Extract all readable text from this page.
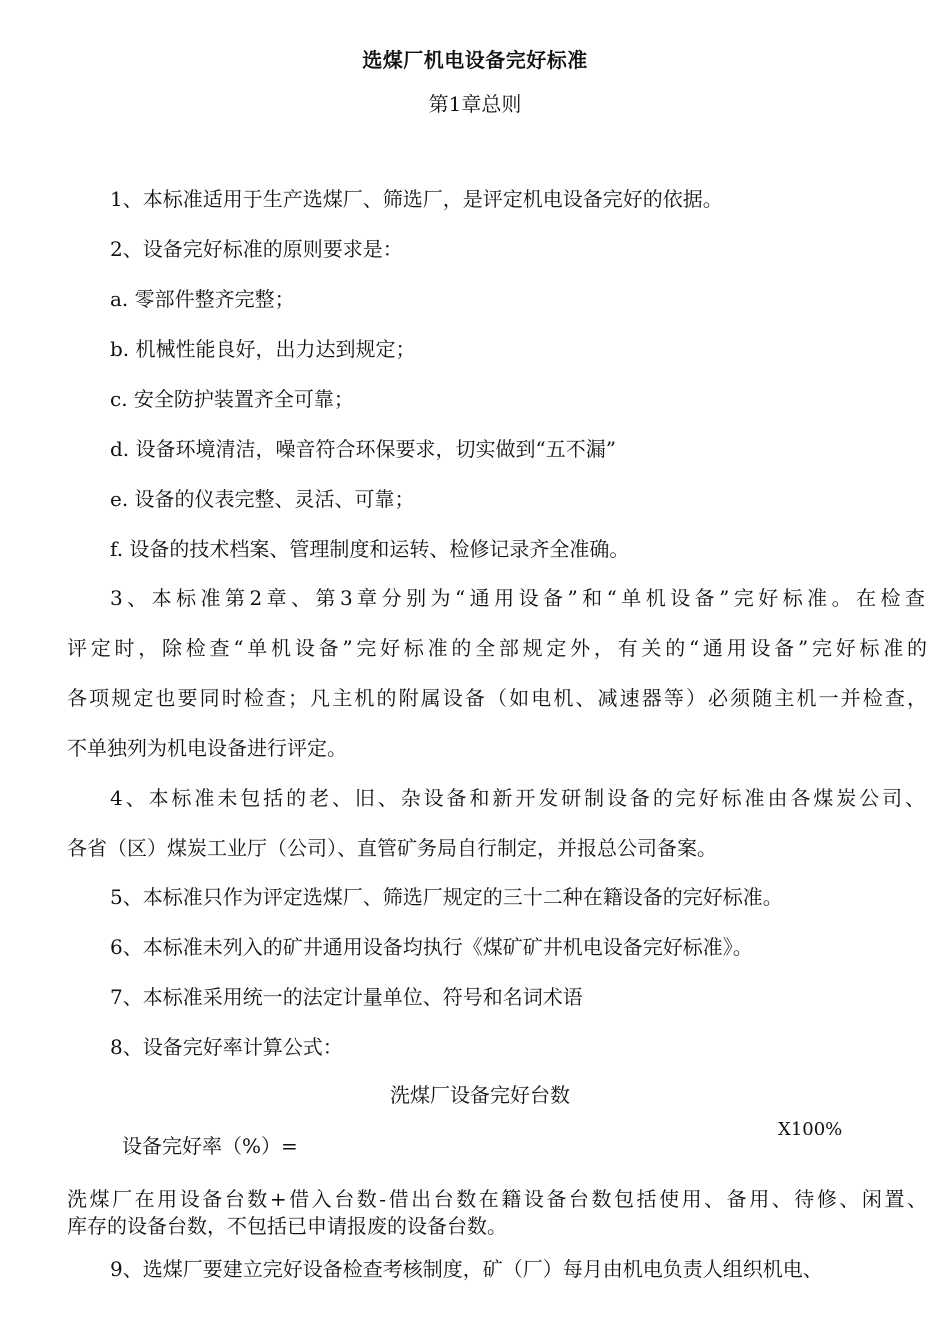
选煤厂机电设备完好标准
第1章总则
1、本标准适用于生产选煤厂、筛选厂，是评定机电设备完好的依据。
2、设备完好标准的原则要求是：
a. 零部件整齐完整；
b. 机械性能良好，出力达到规定；
c. 安全防护装置齐全可靠；
d. 设备环境清洁，噪音符合环保要求，切实做到“五不漏”
e. 设备的仪表完整、灵活、可靠；
f. 设备的技术档案、管理制度和运转、检修记录齐全准确。
3、本标准第2章、第3章分别为“通用设备”和“单机设备”完好标准。在检查
评定时，除检查“单机设备”完好标准的全部规定外，有关的“通用设备”完好标准的
各项规定也要同时检查；凡主机的附属设备（如电机、减速器等）必须随主机一并检查，
不单独列为机电设备进行评定。
4、本标准未包括的老、旧、杂设备和新开发研制设备的完好标准由各煤炭公司、
各省（区）煤炭工业厅（公司）、直管矿务局自行制定，并报总公司备案。
5、本标准只作为评定选煤厂、筛选厂规定的三十二种在籍设备的完好标准。
6、本标准未列入的矿井通用设备均执行《煤矿矿井机电设备完好标准》。
7、本标准采用统一的法定计量单位、符号和名词术语
8、设备完好率计算公式：
洗煤厂设备完好台数
X100%
设备完好率（%）=
洗煤厂在用设备台数+借入台数-借出台数在籍设备台数包括使用、备用、待修、闲置、
库存的设备台数，不包括已申请报废的设备台数。
9、选煤厂要建立完好设备检查考核制度，矿（厂）每月由机电负责人组织机电、
